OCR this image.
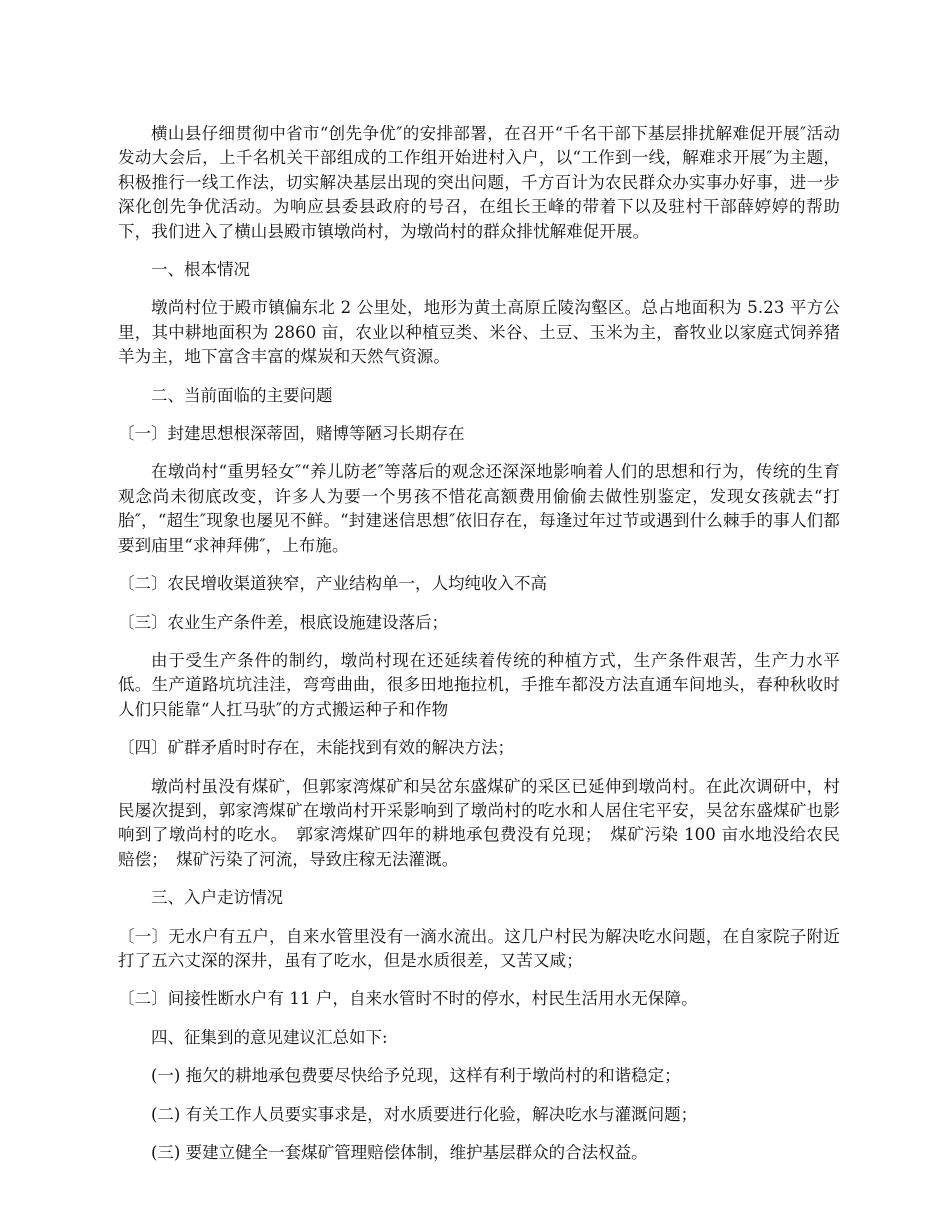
横山县仔细贯彻中省市“创先争优″的安排部署，在召开“千名干部下基层排扰解难促开展″活动发动大会后，上千名机关干部组成的工作组开始进村入户，以“工作到一线，解难求开展″为主题，积极推行一线工作法，切实解决基层出现的突出问题，千方百计为农民群众办实事办好事，进一步深化创先争优活动。为响应县委县政府的号召，在组长王峰的带着下以及驻村干部薛婷婷的帮助下，我们进入了横山县殿市镇墩尚村，为墩尚村的群众排忧解难促开展。

一、根本情况

墩尚村位于殿市镇偏东北 2 公里处，地形为黄土高原丘陵沟壑区。总占地面积为 5.23 平方公里，其中耕地面积为 2860 亩，农业以种植豆类、米谷、土豆、玉米为主，畜牧业以家庭式饲养猪羊为主，地下富含丰富的煤炭和天然气资源。

二、当前面临的主要问题

〔一〕封建思想根深蒂固，赌博等陋习长期存在

在墩尚村“重男轻女″“养儿防老″等落后的观念还深深地影响着人们的思想和行为，传统的生育观念尚未彻底改变，许多人为要一个男孩不惜花高额费用偷偷去做性别鉴定，发现女孩就去“打胎″，“超生″现象也屡见不鲜。“封建迷信思想″依旧存在，每逢过年过节或遇到什么棘手的事人们都要到庙里“求神拜佛″，上布施。

〔二〕农民增收渠道狭窄，产业结构单一，人均纯收入不高

〔三〕农业生产条件差，根底设施建设落后；

由于受生产条件的制约，墩尚村现在还延续着传统的种植方式，生产条件艰苦，生产力水平低。生产道路坑坑洼洼，弯弯曲曲，很多田地拖拉机，手推车都没方法直通车间地头，春种秋收时人们只能靠“人扛马驮″的方式搬运种子和作物

〔四〕矿群矛盾时时存在，未能找到有效的解决方法；

墩尚村虽没有煤矿，但郭家湾煤矿和吴岔东盛煤矿的采区已延伸到墩尚村。在此次调研中，村民屡次提到，郭家湾煤矿在墩尚村开采影响到了墩尚村的吃水和人居住宅平安，吴岔东盛煤矿也影响到了墩尚村的吃水。　郭家湾煤矿四年的耕地承包费没有兑现；　煤矿污染 100 亩水地没给农民赔偿；　煤矿污染了河流，导致庄稼无法灌溉。

三、入户走访情况

〔一〕无水户有五户，自来水管里没有一滴水流出。这几户村民为解决吃水问题，在自家院子附近打了五六丈深的深井，虽有了吃水，但是水质很差，又苦又咸；

〔二〕间接性断水户有 11 户，自来水管时不时的停水，村民生活用水无保障。

四、征集到的意见建议汇总如下:

(一) 拖欠的耕地承包费要尽快给予兑现，这样有利于墩尚村的和谐稳定；

(二) 有关工作人员要实事求是，对水质要进行化验，解决吃水与灌溉问题；

(三) 要建立健全一套煤矿管理赔偿体制，维护基层群众的合法权益。
